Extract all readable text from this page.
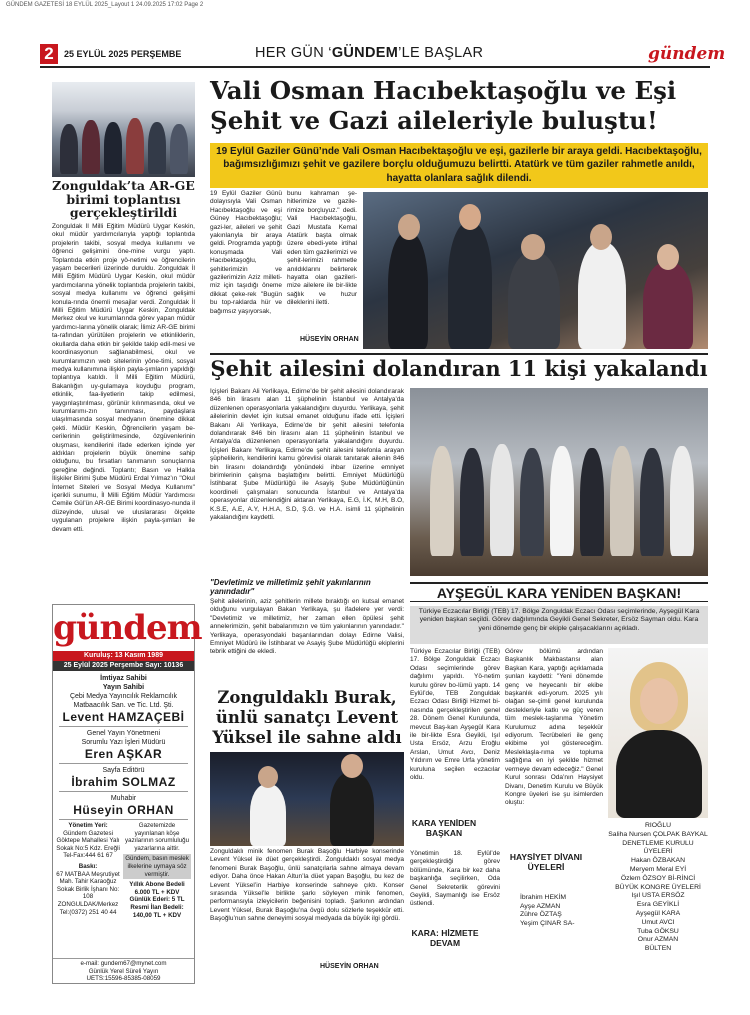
GÜNDEM GAZETESİ 18 EYLÜL 2025_Layout 1 24.09.2025 17:02 Page 2
2	25 EYLÜL 2025 PERŞEMBE	HER GÜN ‘GÜNDEM’LE BAŞLAR	gündem
Zonguldak’ta AR-GE birimi toplantısı gerçekleştirildi
Zonguldak İl Milli Eğitim Müdürü Uygar Keskin, okul müdür yardımcılarıyla yaptığı toplantıda projelerin takibi, sosyal medya kullanımı ve öğrenci gelişimini öne-mine vurgu yaptı. Toplantıda etkin proje yö-netimi ve öğrencilerin yaşam becerileri üzerinde duruldu. Zonguldak İl Milli Eğitim Müdürü Uygar Keskin, okul müdür yardımcılarına yönelik toplantıda projelerin takibi, sosyal medya kullanımı ve öğrenci gelişimi konula-rında önemli mesajlar verdi. Zonguldak İl Milli Eğitim Müdürü Uygar Keskin, Zonguldak Merkez okul ve kurumlarında görev yapan müdür yardımcı-larına yönelik olarak; İlimiz AR-GE birimi ta-rafından yürütülen projelerin ve etkinliklerin, okullarda daha etkin bir şekilde takip edil-mesi ve koordinasyonun sağlanabilmesi, okul ve kurumlarımızın web sitelerinin yöne-timi, sosyal medya kullanımına ilişkin payla-şımların yapıldığı toplantıya katıldı. İl Milli Eğitim Müdürü, Bakanlığın uy-gulamaya koyduğu program, etkinlik, faa-liyetlerin takip edilmesi, yaygınlaştırılması, görünür kılınmasında, okul ve kurumlarımı-zın tanınması, paydaşlara ulaşılmasında sosyal medyanın önemine dikkat çekti. Müdür Keskin, Öğrencilerin yaşam be-cerilerinin geliştirilmesinde, özgüvenlerinin oluşması, kendilerini ifade ederken içinde yer aldıkları projelerin büyük önemine sahip olduğunu, bu fırsatları tanımanın sonuçlarına gereğine değindi. Toplantı; Basın ve Halkla İlişkiler Birimi Şube Müdürü Erdal Yılmaz’ın "Okul İnternet Siteleri ve Sosyal Medya Kullanımı" içerikli sunumu, İl Milli Eğitim Müdür Yardımcısı Cemile Gül’ün AR-GE Birimi koordinasyo-nunda il düzeyinde, ulusal ve uluslararası ölçekte uygulanan projelere ilişkin payla-şımları ile devam etti.
gündem
Kuruluş: 13 Kasım 1989
25 Eylül 2025 Perşembe Sayı: 10136
İmtiyaz Sahibi
Yayın Sahibi
Çebi Medya Yayıncılık Reklamcılık Matbaacılık San. ve Tic. Ltd. Şti.
Levent HAMZAÇEBİ
Genel Yayın Yönetmeni
Sorumlu Yazı İşleri Müdürü
Eren AŞKAR
Sayfa Editörü
İbrahim SOLMAZ
Muhabir
Hüseyin ORHAN
Yönetim Yeri:
Gündem Gazetesi Göktepe Mahallesi Yalı Sokak No:5 Kdz. Ereğli Tel-Fax:444 61 67
Baskı:
67 MATBAA Meşrutiyet Mah. Tahir Karaoğuz Sokak Birlik İşhanı No: 108 ZONGULDAK/Merkez Tel:(0372) 251 40 44
Gazetemizde yayınlanan köşe yazılarının sorumluluğu yazarlarına aittir.
Gündem, basın meslek ilkelerine uymaya söz vermiştir.
Yıllık Abone Bedeli 6.000 TL + KDV
Günlük Ederi: 5 TL
Resmi İlan Bedeli: 140,00 TL + KDV
e-mail: gundem67@mynet.com
Günlük Yerel Süreli Yayın
UETS:15596-85385-08059
Vali Osman Hacıbektaşoğlu ve Eşi Şehit ve Gazi aileleriyle buluştu!
19 Eylül Gaziler Günü’nde Vali Osman Hacıbektaşoğlu ve eşi, gazilerle bir araya geldi. Hacıbektaşoğlu, bağımsızlığımızı şehit ve gazilere borçlu olduğumuzu belirtti. Atatürk ve tüm gaziler rahmetle anıldı, hayatta olanlara sağlık dilendi.
19 Eylül Gaziler Günü dolayısıyla Vali Osman Hacıbektaşoğlu ve eşi Güney Hacıbektaşoğlu; gazi-ler, aileleri ve şehit yakınlarıyla bir araya geldi. Programda yaptığı konuşmada Vali Hacıbektaşoğlu, şehitlerimizin ve gazilerimizin Aziz milleti-miz için taşıdığı öneme dikkat çeke-rek "Bugün bu top-raklarda hür ve bağımsız yaşıyorsak,
bunu kahraman şe-hitlerimize ve gazile-rimize borçluyuz." dedi. Vali Hacıbektaşoğlu, Gazi Mustafa Kemal Atatürk başta olmak üzere ebedi-yete irtihal eden tüm gazilerimizi ve şehit-lerimizi rahmetle anıldıklarını belirterek hayatta olan gazileri-mize ailelere ile bir-likte sağlık ve huzur dileklerini iletti.
HÜSEYİN ORHAN
Şehit ailesini dolandıran 11 kişi yakalandı
İçişleri Bakanı Ali Yerlikaya, Edirne’de bir şehit ailesini dolandırarak 846 bin lirasını alan 11 şüphelinin İstanbul ve Antalya’da düzenlenen operasyonlarla yakalandığını duyurdu. Yerlikaya, şehit ailelerinin devlet için kutsal emanet olduğunu ifade etti. İçişleri Bakanı Ali Yerlikaya, Edirne’de bir şehit ailesini telefonla dolandırarak 846 bin lirasını alan 11 şüphelinin İstanbul ve Antalya’da düzenlenen operasyonlarla yakalandığını duyurdu. İçişleri Bakanı Yerlikaya, Edirne’de şehit ailesini telefonla arayan şüphelilerin, kendilerini kamu görevlisi olarak tanıtarak ailenin 846 bin lirasını dolandırdığı yönündeki ihbar üzerine emniyet birimlerinin çalışma başlattığını belirtti. Emniyet Müdürlüğü İstihbarat Şube Müdürlüğü ile Asayiş Şube Müdürlüğünün koordineli çalışmaları sonucunda İstanbul ve Antalya’da operasyonlar düzenlendiğini aktaran Yerlikaya, E.G, İ.K, M.H, B.O, K.S.E, A.E, A.Y, H.H.A, S.D, Ş.G. ve H.A. isimli 11 şüphelinin yakalandığını kaydetti.
"Devletimiz ve milletimiz şehit yakınlarının yanındadır"
Şehit ailelerinin, aziz şehitlerin millete bıraktığı en kutsal emanet olduğunu vurgulayan Bakan Yerlikaya, şu ifadelere yer verdi: "Devletimiz ve milletimiz, her zaman ellen öpülesi şehit annelerimizin, şehit babalarımızın ve tüm yakınlarının yanındadır." Yerlikaya, operasyondaki başarılarından dolayı Edirne Valisi, Emniyet Müdürü ile İstihbarat ve Asayiş Şube Müdürlüğü ekiplerini tebrik ettiğini de ekledi.
Zonguldaklı Burak, ünlü sanatçı Levent Yüksel ile sahne aldı
Zonguldaklı minik fenomen Burak Başoğlu Harbiye konserinde Levent Yüksel ile düet gerçekleştirdi. Zonguldaklı sosyal medya fenomeni Burak Başoğlu, ünlü sanatçılarla sahne almaya devam ediyor. Daha önce Hakan Altun’la düet yapan Başoğlu, bu kez de Levent Yüksel’in Harbiye konserinde sahneye çıktı. Konser sırasında Yüksel’le birlikte şarkı söyleyen minik fenomen, performansıyla izleyicilerin beğenisini topladı. Şarkının ardından Levent Yüksel, Burak Başoğlu’na övgü dolu sözlerle teşekkür etti. Başoğlu’nun sahne deneyimi sosyal medyada da büyük ilgi gördü.
HÜSEYİN ORHAN
AYŞEGÜL KARA YENİDEN BAŞKAN!
Türkiye Eczacılar Birliği (TEB) 17. Bölge Zonguldak Eczacı Odası seçimlerinde, Ayşegül Kara yeniden başkan seçildi. Görev dağılımında Geyikli Genel Sekreter, Ersöz Sayman oldu. Kara yeni dönemde genç bir ekiple çalışacaklarını açıkladı.
Türkiye Eczacılar Birliği (TEB) 17. Bölge Zonguldak Eczacı Odası seçimlerinde görev dağılımı yapıldı. Yö-netim kurulu görev bo-lümü yaptı. 14 Eylül’de, TEB Zonguldak Eczacı Odası Birliği Hizmet bi-nasında gerçekleştirilen genel 28. Dönem Genel Kurulunda, mevcut Baş-kan Ayşegül Kara ile bir-likte Esra Geyikli, Işıl Usta Ersöz, Arzu Eroğlu Arslan, Umut Avcı, Deniz Yıldırım ve Emre Urfa yönetim kuruluna seçilen eczacılar oldu.
KARA YENİDEN BAŞKAN
Yönetimin 18. Eylül’de gerçekleştirdiği görev bölümünde, Kara bir kez daha başkanlığa seçilirken, Oda Genel Sekreterlik görevini Geyikli, Saymanlığı ise Ersöz üstlendi.
KARA: HİZMETE DEVAM
Görev bölümü ardından Başkanlık Makbastarısı alan Başkan Kara, yaptığı açıklamada şunları kaydetti: "Yeni dönemde genç ve heyecanlı bir ekibe başkanlık edi-yorum. 2025 yılı olağan se-çimli genel kurulunda destekleriyle katkı ve güç veren tüm meslek-taşlarıma Yönetim Kurulumuz adına teşekkür ediyorum. Tecrübeleri ile genç ekibime yol göstereceğim. Mesleklaşla-rıma ve topluma sağlığına en iyi şekilde hizmet vermeye devam edeceğiz." Genel Kurul sonrası Oda’nın Haysiyet Divanı, Denetim Kurulu ve Büyük Kongre üyeleri ise şu isimlerden oluştu:
HAYSİYET DİVANI ÜYELERİ
İbrahim HEKİM
Ayşe AZMAN
Zühre ÖZTAŞ
Yeşim ÇINAR SA-
RIOĞLU
Saliha Nursen ÇOLPAK BAYKAL
DENETLEME KURULU ÜYELERİ
Hakan ÖZBAKAN
Meryem Meral EYİ
Özlem ÖZSOY Bİ-RİNCİ
BÜYÜK KONGRE ÜYELERİ
Işıl USTA ERSÖZ
Esra GEYİKLİ
Ayşegül KARA
Umut AVCI
Tuba GÖKSU
Onur AZMAN
BÜLTEN
